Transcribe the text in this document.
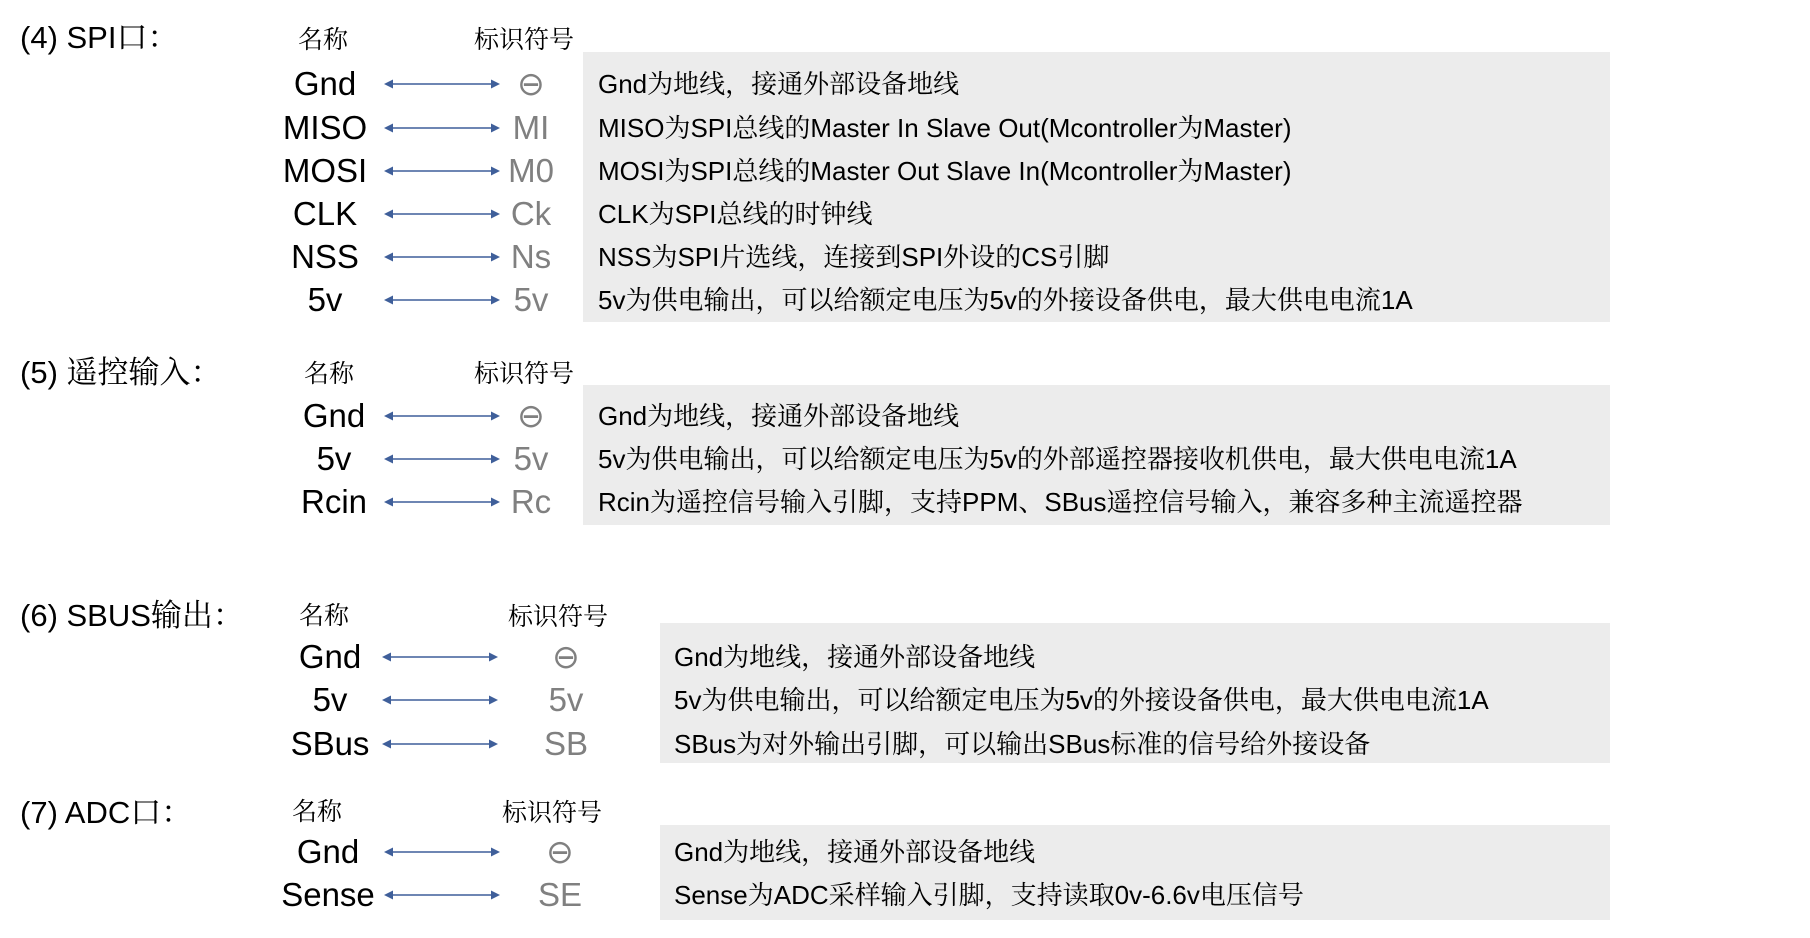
(4) SPI口：	名称	标识符号
Gnd	⊖	Gnd为地线，接通外部设备地线
MISO	MI	MISO为SPI总线的Master In Slave Out(Mcontroller为Master)
MOSI	M0	MOSI为SPI总线的Master Out Slave In(Mcontroller为Master)
CLK	Ck	CLK为SPI总线的时钟线
NSS	Ns	NSS为SPI片选线，连接到SPI外设的CS引脚
5v	5v	5v为供电输出，可以给额定电压为5v的外接设备供电，最大供电电流1A
(5) 遥控输入：	名称	标识符号
Gnd	⊖	Gnd为地线，接通外部设备地线
5v	5v	5v为供电输出，可以给额定电压为5v的外部遥控器接收机供电，最大供电电流1A
Rcin	Rc	Rcin为遥控信号输入引脚，支持PPM、SBus遥控信号输入，兼容多种主流遥控器
(6) SBUS输出： 名称	标识符号
Gnd	⊖	Gnd为地线，接通外部设备地线
5v	5v	5v为供电输出，可以给额定电压为5v的外接设备供电，最大供电电流1A
SBus	SB	SBus为对外输出引脚，可以输出SBus标准的信号给外接设备
(7) ADC口：	名称	标识符号
Gnd	⊖	Gnd为地线，接通外部设备地线
Sense	SE	Sense为ADC采样输入引脚，支持读取0v-6.6v电压信号
